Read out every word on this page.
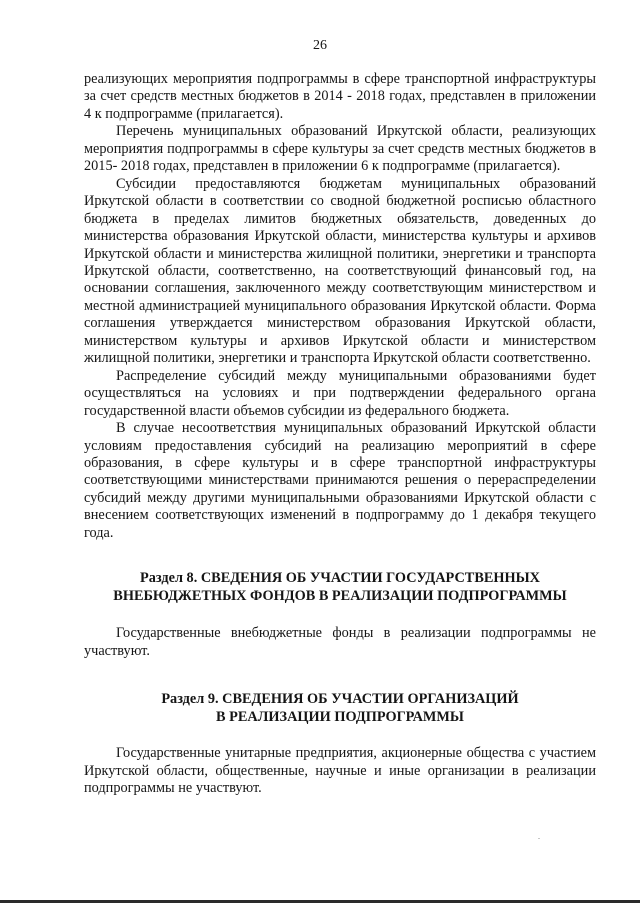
26

реализующих мероприятия подпрограммы в сфере транспортной инфраструктуры за счет средств местных бюджетов в 2014 - 2018 годах, представлен в приложении 4 к подпрограмме (прилагается).

Перечень муниципальных образований Иркутской области, реализующих мероприятия подпрограммы в сфере культуры за счет средств местных бюджетов в 2015- 2018 годах, представлен в приложении 6 к подпрограмме (прилагается).

Субсидии предоставляются бюджетам муниципальных образований Иркутской области в соответствии со сводной бюджетной росписью областного бюджета в пределах лимитов бюджетных обязательств, доведенных до министерства образования Иркутской области, министерства культуры и архивов Иркутской области и министерства жилищной политики, энергетики и транспорта Иркутской области, соответственно, на соответствующий финансовый год, на основании соглашения, заключенного между соответствующим министерством и местной администрацией муниципального образования Иркутской области. Форма соглашения утверждается министерством образования Иркутской области, министерством культуры и архивов Иркутской области и министерством жилищной политики, энергетики и транспорта Иркутской области соответственно.

Распределение субсидий между муниципальными образованиями будет осуществляться на условиях и при подтверждении федерального органа государственной власти объемов субсидии из федерального бюджета.

В случае несоответствия муниципальных образований Иркутской области условиям предоставления субсидий на реализацию мероприятий в сфере образования, в сфере культуры и в сфере транспортной инфраструктуры соответствующими министерствами принимаются решения о перераспределении субсидий между другими муниципальными образованиями Иркутской области с внесением соответствующих изменений в подпрограмму до 1 декабря текущего года.

Раздел 8. СВЕДЕНИЯ ОБ УЧАСТИИ ГОСУДАРСТВЕННЫХ
ВНЕБЮДЖЕТНЫХ ФОНДОВ В РЕАЛИЗАЦИИ ПОДПРОГРАММЫ

Государственные внебюджетные фонды в реализации подпрограммы не участвуют.

Раздел 9. СВЕДЕНИЯ ОБ УЧАСТИИ ОРГАНИЗАЦИЙ
В РЕАЛИЗАЦИИ ПОДПРОГРАММЫ

Государственные унитарные предприятия, акционерные общества с участием Иркутской области, общественные, научные и иные организации в реализации подпрограммы не участвуют.
